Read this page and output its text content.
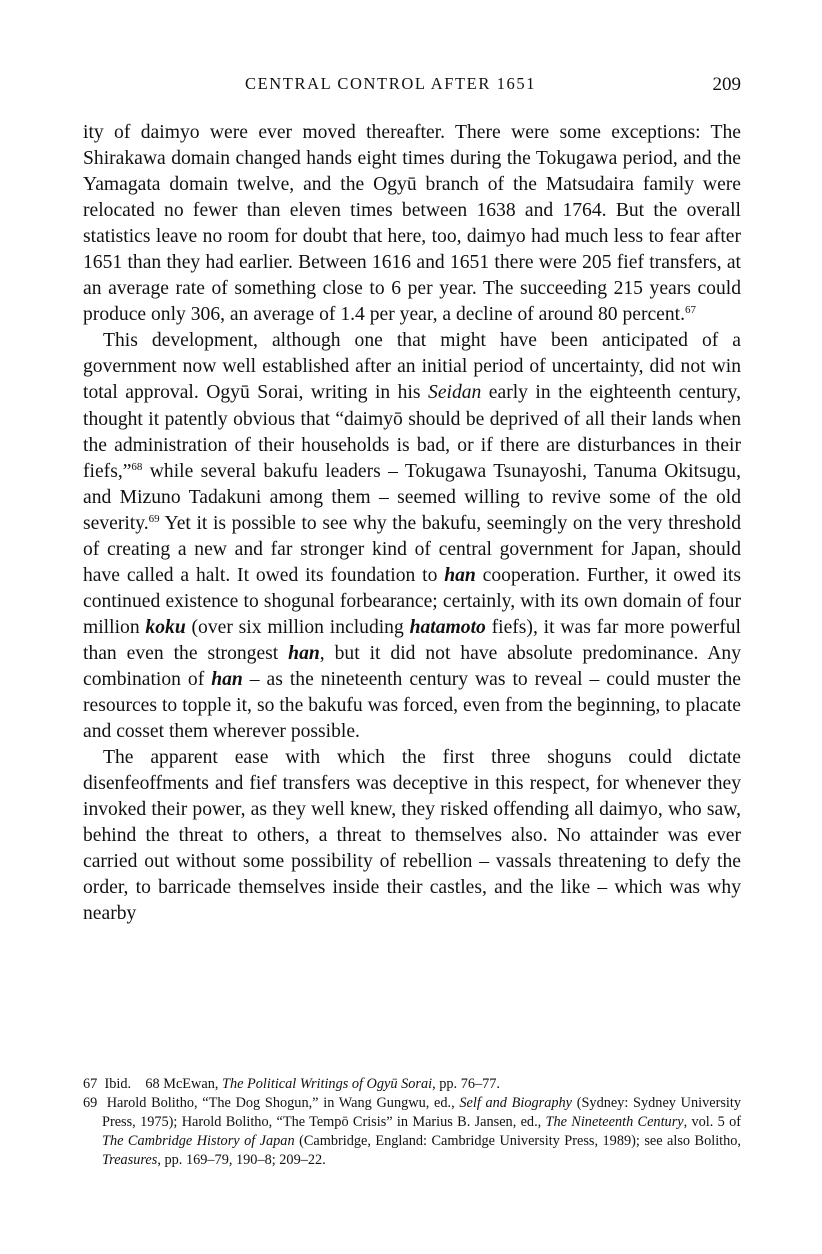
CENTRAL CONTROL AFTER 1651	209

ity of daimyo were ever moved thereafter. There were some exceptions: The Shirakawa domain changed hands eight times during the Tokugawa period, and the Yamagata domain twelve, and the Ogyū branch of the Matsudaira family were relocated no fewer than eleven times between 1638 and 1764. But the overall statistics leave no room for doubt that here, too, daimyo had much less to fear after 1651 than they had earlier. Between 1616 and 1651 there were 205 fief transfers, at an average rate of something close to 6 per year. The succeeding 215 years could produce only 306, an average of 1.4 per year, a decline of around 80 percent.$^{67}$

This development, although one that might have been anticipated of a government now well established after an initial period of uncertainty, did not win total approval. Ogyū Sorai, writing in his Seidan early in the eighteenth century, thought it patently obvious that “daimyō should be deprived of all their lands when the administration of their households is bad, or if there are disturbances in their fiefs,”$^{68}$ while several bakufu leaders – Tokugawa Tsunayoshi, Tanuma Okitsugu, and Mizuno Tadakuni among them – seemed willing to revive some of the old severity.$^{69}$ Yet it is possible to see why the bakufu, seemingly on the very threshold of creating a new and far stronger kind of central government for Japan, should have called a halt. It owed its foundation to han cooperation. Further, it owed its continued existence to shogunal forbearance; certainly, with its own domain of four million koku (over six million including hatamoto fiefs), it was far more powerful than even the strongest han, but it did not have absolute predominance. Any combination of han – as the nineteenth century was to reveal – could muster the resources to topple it, so the bakufu was forced, even from the beginning, to placate and cosset them wherever possible.

The apparent ease with which the first three shoguns could dictate disenfeoffments and fief transfers was deceptive in this respect, for whenever they invoked their power, as they well knew, they risked offending all daimyo, who saw, behind the threat to others, a threat to themselves also. No attainder was ever carried out without some possibility of rebellion – vassals threatening to defy the order, to barricade themselves inside their castles, and the like – which was why nearby

67 Ibid. 68 McEwan, The Political Writings of Ogyū Sorai, pp. 76–77.

69 Harold Bolitho, “The Dog Shogun,” in Wang Gungwu, ed., Self and Biography (Sydney: Sydney University Press, 1975); Harold Bolitho, “The Tempō Crisis” in Marius B. Jansen, ed., The Nineteenth Century, vol. 5 of The Cambridge History of Japan (Cambridge, England: Cambridge University Press, 1989); see also Bolitho, Treasures, pp. 169–79, 190–8; 209–22.
